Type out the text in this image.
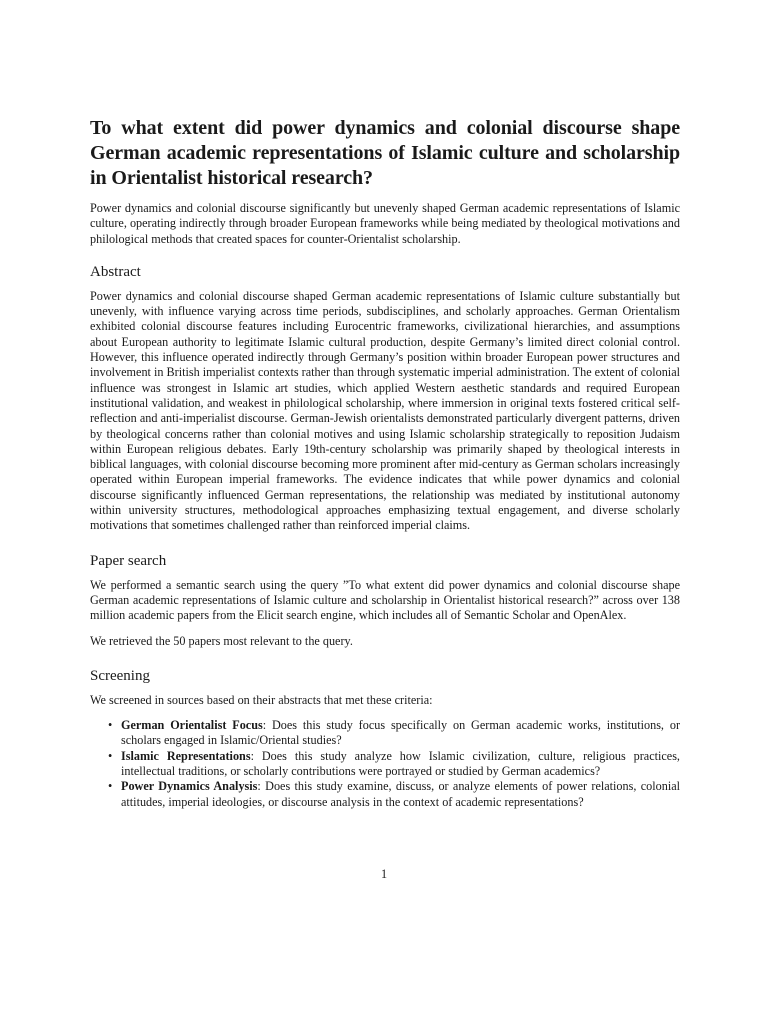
To what extent did power dynamics and colonial discourse shape German academic representations of Islamic culture and scholarship in Orientalist historical research?

Power dynamics and colonial discourse significantly but unevenly shaped German academic representations of Islamic culture, operating indirectly through broader European frameworks while being mediated by theological motivations and philological methods that created spaces for counter-Orientalist scholarship.

Abstract

Power dynamics and colonial discourse shaped German academic representations of Islamic culture substantially but unevenly, with influence varying across time periods, subdisciplines, and scholarly approaches. German Orientalism exhibited colonial discourse features including Eurocentric frameworks, civilizational hierarchies, and assumptions about European authority to legitimate Islamic cultural production, despite Germany’s limited direct colonial control. However, this influence operated indirectly through Germany’s position within broader European power structures and involvement in British imperialist contexts rather than through systematic imperial administration. The extent of colonial influence was strongest in Islamic art studies, which applied Western aesthetic standards and required European institutional validation, and weakest in philological scholarship, where immersion in original texts fostered critical self-reflection and anti-imperialist discourse. German-Jewish orientalists demonstrated particularly divergent patterns, driven by theological concerns rather than colonial motives and using Islamic scholarship strategically to reposition Judaism within European religious debates. Early 19th-century scholarship was primarily shaped by theological interests in biblical languages, with colonial discourse becoming more prominent after mid-century as German scholars increasingly operated within European imperial frameworks. The evidence indicates that while power dynamics and colonial discourse significantly influenced German representations, the relationship was mediated by institutional autonomy within university structures, methodological approaches emphasizing textual engagement, and diverse scholarly motivations that sometimes challenged rather than reinforced imperial claims.

Paper search

We performed a semantic search using the query ”To what extent did power dynamics and colonial discourse shape German academic representations of Islamic culture and scholarship in Orientalist historical research?” across over 138 million academic papers from the Elicit search engine, which includes all of Semantic Scholar and OpenAlex.

We retrieved the 50 papers most relevant to the query.

Screening

We screened in sources based on their abstracts that met these criteria:

• German Orientalist Focus: Does this study focus specifically on German academic works, institutions, or scholars engaged in Islamic/Oriental studies?
• Islamic Representations: Does this study analyze how Islamic civilization, culture, religious practices, intellectual traditions, or scholarly contributions were portrayed or studied by German academics?
• Power Dynamics Analysis: Does this study examine, discuss, or analyze elements of power relations, colonial attitudes, imperial ideologies, or discourse analysis in the context of academic representations?
1
